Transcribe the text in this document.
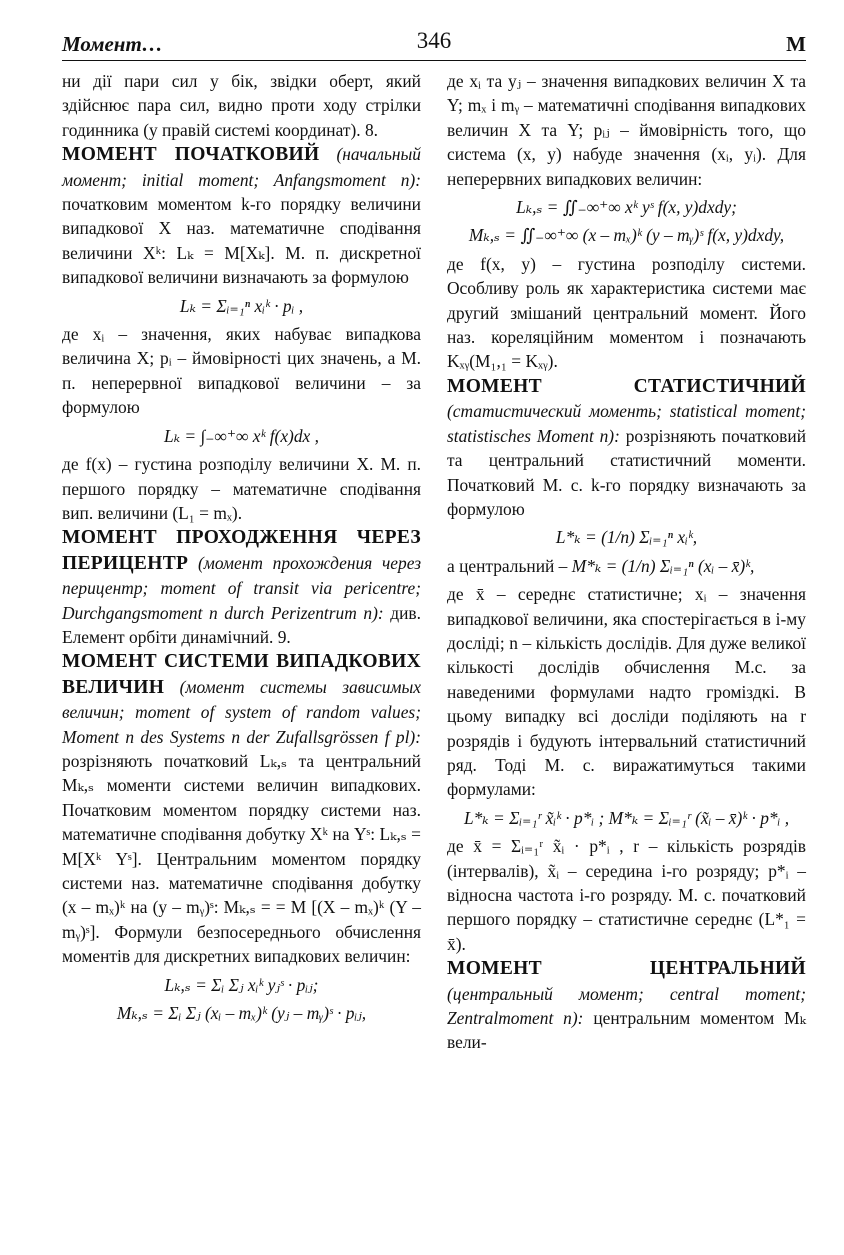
Момент…	346	М

ни дії пари сил у бік, звідки оберт, який здійснює пара сил, видно проти ходу стрілки годинника (у правій системі координат). 8.

МОМЕНТ ПОЧАТКОВИЙ (начальный момент; initial moment; Anfangsmoment n): початковим моментом k-го порядку величини випадкової X наз. математичне сподівання величини Xᵏ: Lₖ = M[Xₖ]. М. п. дискретної випадкової величини визначають за формулою

Lₖ = Σᵢ₌₁ⁿ xᵢᵏ · pᵢ ,

де xᵢ – значення, яких набуває випадкова величина X; pᵢ – ймовірності цих значень, а М. п. неперервної випадкової величини – за формулою

Lₖ = ∫₋∞⁺∞ xᵏ f(x)dx ,

де f(x) – густина розподілу величини X. М. п. першого порядку – математичне сподівання вип. величини (L₁ = mₓ).

МОМЕНТ ПРОХОДЖЕННЯ ЧЕРЕЗ ПЕРИЦЕНТР (момент прохождения через перицентр; moment of transit via pericentre; Durchgangsmoment n durch Perizentrum n): див. Елемент орбіти динамічний. 9.

МОМЕНТ СИСТЕМИ ВИПАДКОВИХ ВЕЛИЧИН (момент системы зависимых величин; moment of system of random values; Moment n des Systems n der Zufallsgrössen f pl): розрізняють початковий Lₖ,ₛ та центральний Mₖ,ₛ моменти системи величин випадкових. Початковим моментом порядку системи наз. математичне сподівання добутку Xᵏ на Yˢ: Lₖ,ₛ = M[Xᵏ Yˢ]. Центральним моментом порядку системи наз. математичне сподівання добутку (x – mₓ)ᵏ на (y – mᵧ)ˢ: Mₖ,ₛ = = M [(X – mₓ)ᵏ (Y – mᵧ)ˢ]. Формули безпосереднього обчислення моментів для дискретних випадкових величин:

Lₖ,ₛ = Σᵢ Σⱼ xᵢᵏ yⱼˢ · pᵢⱼ;
Mₖ,ₛ = Σᵢ Σⱼ (xᵢ – mₓ)ᵏ (yⱼ – mᵧ)ˢ · pᵢⱼ,

де xᵢ та yⱼ – значення випадкових величин X та Y; mₓ і mᵧ – математичні сподівання випадкових величин X та Y; pᵢⱼ – ймовірність того, що система (x, y) набуде значення (xᵢ, yᵢ). Для неперервних випадкових величин:

Lₖ,ₛ = ∬₋∞⁺∞ xᵏ yˢ f(x, y)dxdy;
Mₖ,ₛ = ∬₋∞⁺∞ (x – mₓ)ᵏ (y – mᵧ)ˢ f(x, y)dxdy,

де f(x, y) – густина розподілу системи. Особливу роль як характеристика системи має другий змішаний центральний момент. Його наз. кореляційним моментом і позначають Kₓᵧ(M₁,₁ = Kₓᵧ).

МОМЕНТ СТАТИСТИЧНИЙ (статистический моменть; statistical moment; statistisches Moment n): розрізняють початковий та центральний статистичний моменти. Початковий М. с. k-го порядку визначають за формулою

L*ₖ = (1/n) Σᵢ₌₁ⁿ xᵢᵏ,
а центральний – M*ₖ = (1/n) Σᵢ₌₁ⁿ (xᵢ – x̄)ᵏ,

де x̄ – середнє статистичне; xᵢ – значення випадкової величини, яка спостерігається в i-му досліді; n – кількість дослідів. Для дуже великої кількості дослідів обчислення М.с. за наведеними формулами надто громіздкі. В цьому випадку всі досліди поділяють на r розрядів і будують інтервальний статистичний ряд. Тоді М. с. виражатимуться такими формулами:

L*ₖ = Σᵢ₌₁ʳ x̃ᵢᵏ · p*ᵢ ; M*ₖ = Σᵢ₌₁ʳ (x̃ᵢ – x̄)ᵏ · p*ᵢ ,

де x̄ = Σᵢ₌₁ʳ x̃ᵢ · p*ᵢ , r – кількість розрядів (інтервалів), x̃ᵢ – середина i-го розряду; p*ᵢ – відносна частота i-го розряду. М. с. початковий першого порядку – статистичне середнє (L*₁ = x̄).

МОМЕНТ ЦЕНТРАЛЬНИЙ (центральный момент; central moment; Zentralmoment n): центральним моментом Mₖ вели-
